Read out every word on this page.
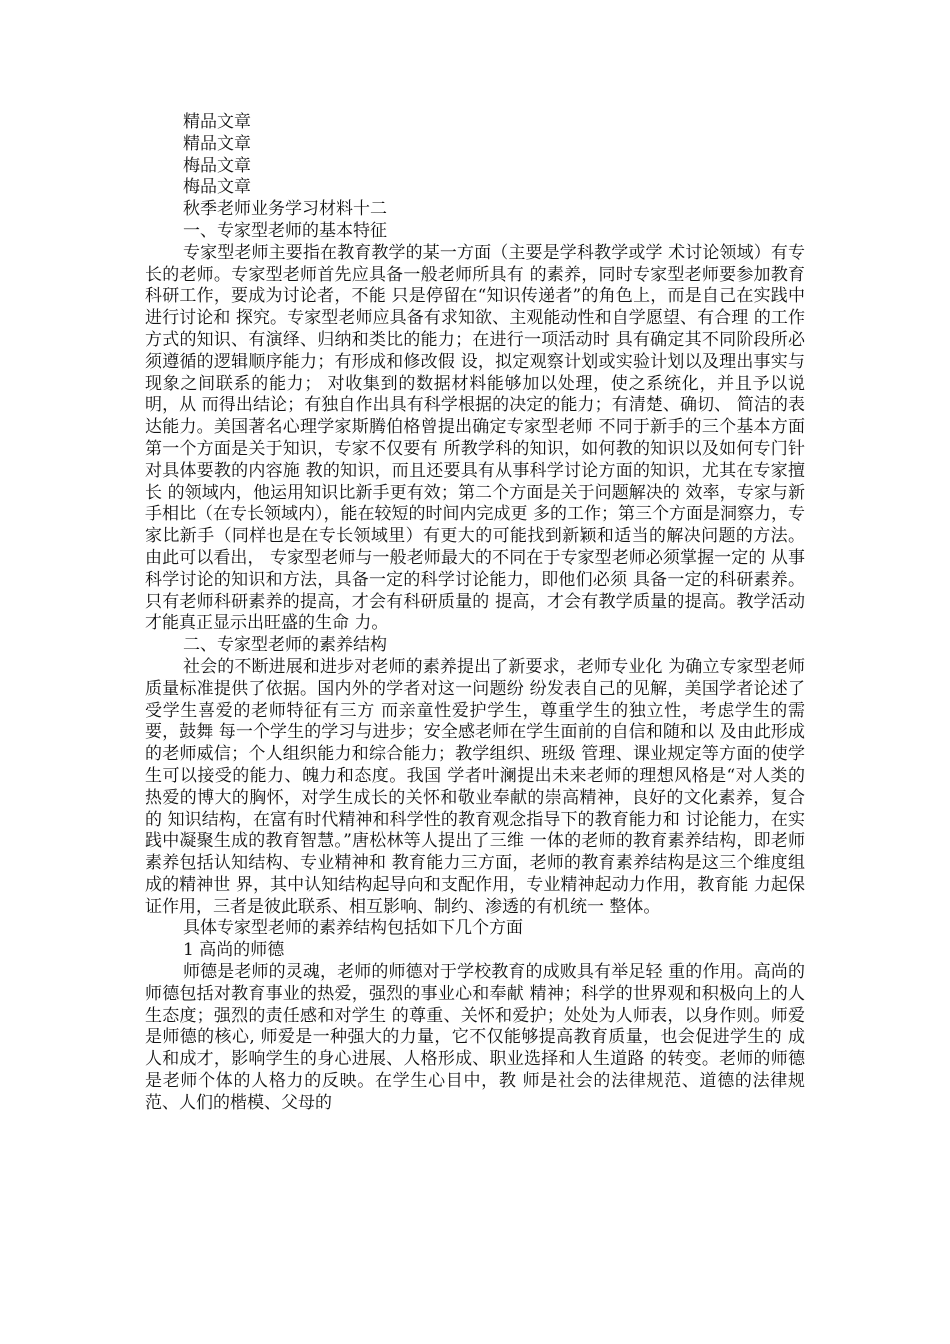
精品文章
精品文章
梅品文章
梅品文章
秋季老师业务学习材料十二
一、专家型老师的基本特征

专家型老师主要指在教育教学的某一方面（主要是学科教学或学 术讨论领域）有专长的老师。专家型老师首先应具备一般老师所具有 的素养，同时专家型老师要参加教育科研工作，要成为讨论者，不能 只是停留在“知识传递者”的角色上，而是自己在实践中进行讨论和 探究。专家型老师应具备有求知欲、主观能动性和自学愿望、有合理 的工作方式的知识、有演绎、归纳和类比的能力；在进行一项活动时 具有确定其不同阶段所必须遵循的逻辑顺序能力；有形成和修改假 设，拟定观察计划或实验计划以及理出事实与现象之间联系的能力； 对收集到的数据材料能够加以处理，使之系统化，并且予以说明，从 而得出结论；有独自作出具有科学根据的决定的能力；有清楚、确切、 简洁的表达能力。美国著名心理学家斯腾伯格曾提出确定专家型老师 不同于新手的三个基本方面第一个方面是关于知识，专家不仅要有 所教学科的知识，如何教的知识以及如何专门针对具体要教的内容施 教的知识，而且还要具有从事科学讨论方面的知识，尤其在专家擅长 的领域内，他运用知识比新手更有效；第二个方面是关于问题解决的 效率，专家与新手相比（在专长领域内），能在较短的时间内完成更 多的工作；第三个方面是洞察力，专家比新手（同样也是在专长领域里）有更大的可能找到新颖和适当的解决问题的方法。由此可以看出， 专家型老师与一般老师最大的不同在于专家型老师必须掌握一定的 从事科学讨论的知识和方法，具备一定的科学讨论能力，即他们必须 具备一定的科研素养。只有老师科研素养的提高，才会有科研质量的 提高，才会有教学质量的提高。教学活动才能真正显示出旺盛的生命 力。

二、专家型老师的素养结构

社会的不断进展和进步对老师的素养提出了新要求，老师专业化 为确立专家型老师质量标准提供了依据。国内外的学者对这一问题纷 纷发表自己的见解，美国学者论述了受学生喜爱的老师特征有三方 而亲童性爱护学生，尊重学生的独立性，考虑学生的需要，鼓舞 每一个学生的学习与进步；安全感老师在学生面前的自信和随和以 及由此形成的老师威信；个人组织能力和综合能力；教学组织、班级 管理、课业规定等方面的使学生可以接受的能力、魄力和态度。我国 学者叶澜提出未来老师的理想风格是“对人类的热爱的博大的胸怀，对学生成长的关怀和敬业奉献的崇高精神，良好的文化素养，复合的 知识结构，在富有时代精神和科学性的教育观念指导下的教育能力和 讨论能力，在实践中凝聚生成的教育智慧。”唐松林等人提出了三维 一体的老师的教育素养结构，即老师素养包括认知结构、专业精神和 教育能力三方面，老师的教育素养结构是这三个维度组成的精神世 界，其中认知结构起导向和支配作用，专业精神起动力作用，教育能 力起保证作用，三者是彼此联系、相互影响、制约、渗透的有机统一 整体。

具体专家型老师的素养结构包括如下几个方面
1 高尚的师德

师德是老师的灵魂，老师的师德对于学校教育的成败具有举足轻 重的作用。高尚的师德包括对教育事业的热爱，强烈的事业心和奉献 精神；科学的世界观和积极向上的人生态度；强烈的责任感和对学生 的尊重、关怀和爱护；处处为人师表，以身作则。师爱是师德的核心, 师爱是一种强大的力量，它不仅能够提高教育质量，也会促进学生的 成人和成才，影响学生的身心进展、人格形成、职业选择和人生道路 的转变。老师的师德是老师个体的人格力的反映。在学生心目中，教 师是社会的法律规范、道德的法律规范、人们的楷模、父母的
